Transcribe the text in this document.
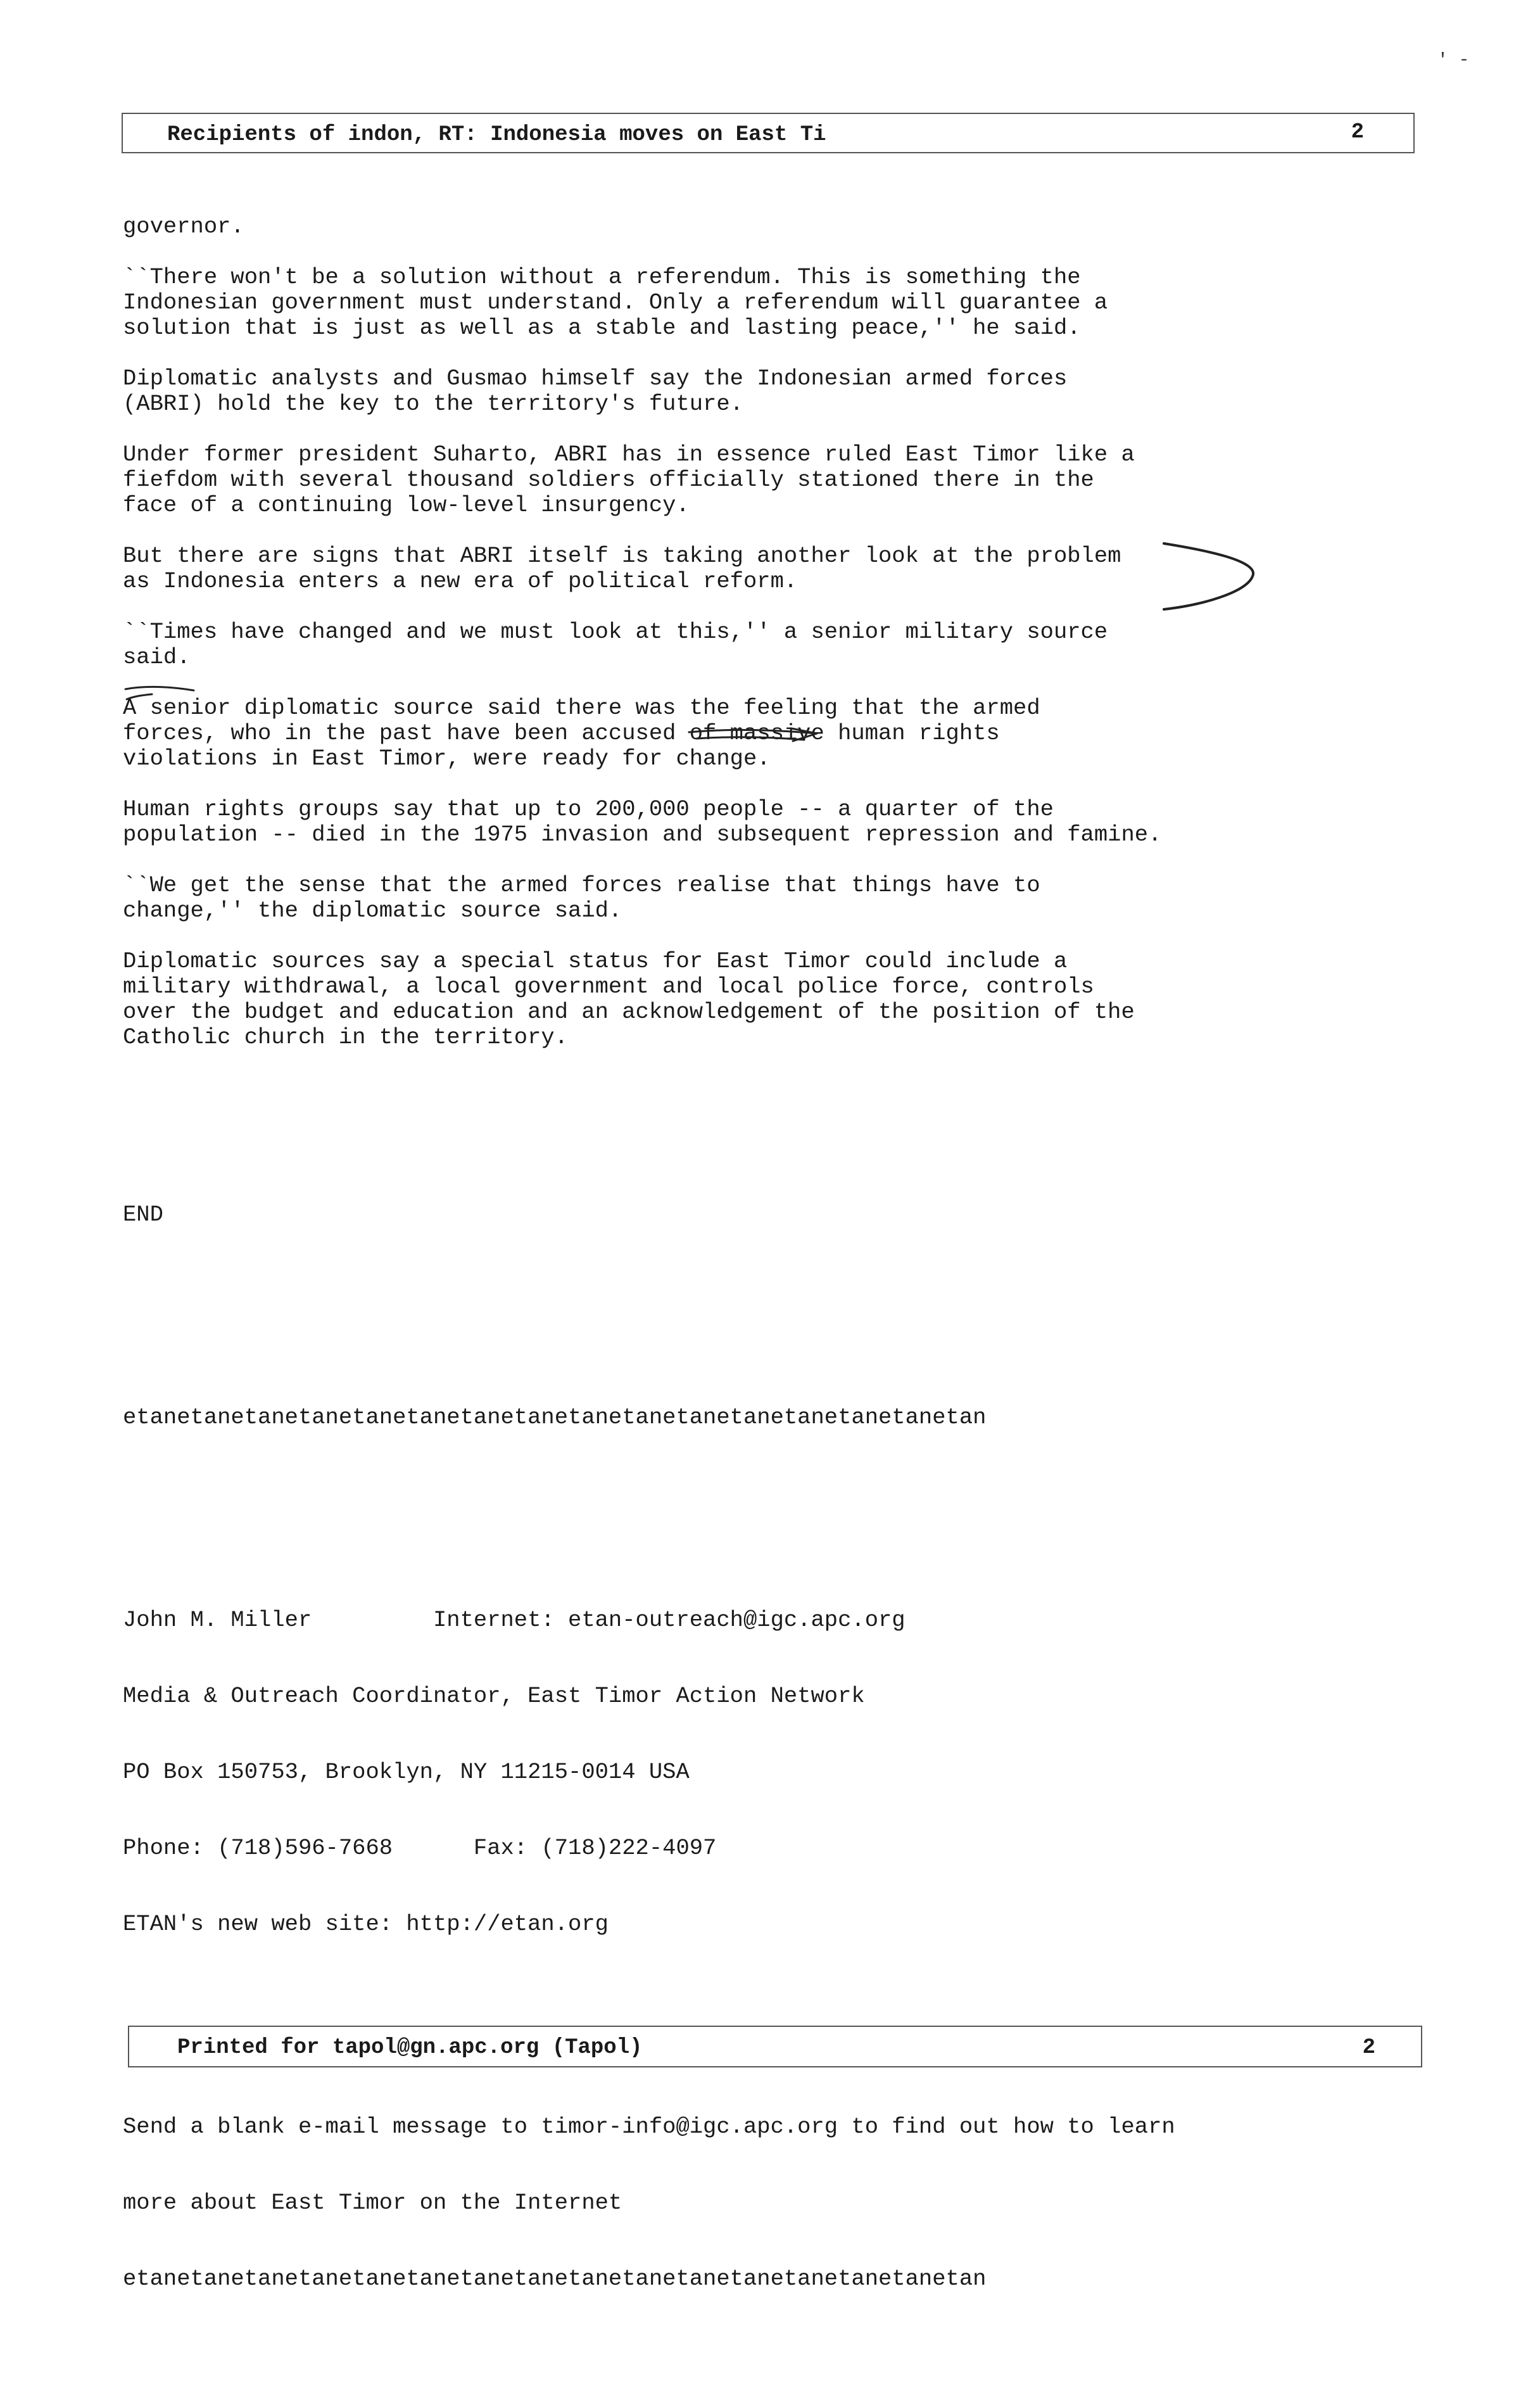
' -
Recipients of indon, RT: Indonesia moves on East Ti	2

governor.
``There won't be a solution without a referendum. This is something the
Indonesian government must understand. Only a referendum will guarantee a
solution that is just as well as a stable and lasting peace,'' he said.
Diplomatic analysts and Gusmao himself say the Indonesian armed forces
(ABRI) hold the key to the territory's future.
Under former president Suharto, ABRI has in essence ruled East Timor like a
fiefdom with several thousand soldiers officially stationed there in the
face of a continuing low-level insurgency.
But there are signs that ABRI itself is taking another look at the problem
as Indonesia enters a new era of political reform.
``Times have changed and we must look at this,'' a senior military source
said.
A senior diplomatic source said there was the feeling that the armed
forces, who in the past have been accused of massive human rights
violations in East Timor, were ready for change.
Human rights groups say that up to 200,000 people -- a quarter of the
population -- died in the 1975 invasion and subsequent repression and famine.
``We get the sense that the armed forces realise that things have to
change,'' the diplomatic source said.
Diplomatic sources say a special status for East Timor could include a
military withdrawal, a local government and local police force, controls
over the budget and education and an acknowledgement of the position of the
Catholic church in the territory.

END

etanetanetanetanetanetanetanetanetanetanetanetanetanetanetanetan

John M. Miller         Internet: etan-outreach@igc.apc.org

Media & Outreach Coordinator, East Timor Action Network

PO Box 150753, Brooklyn, NY 11215-0014 USA

Phone: (718)596-7668      Fax: (718)222-4097

ETAN's new web site: http://etan.org

Send a blank e-mail message to timor-info@igc.apc.org to find out how to learn

more about East Timor on the Internet

etanetanetanetanetanetanetanetanetanetanetanetanetanetanetanetan

Printed for tapol@gn.apc.org (Tapol)	2
